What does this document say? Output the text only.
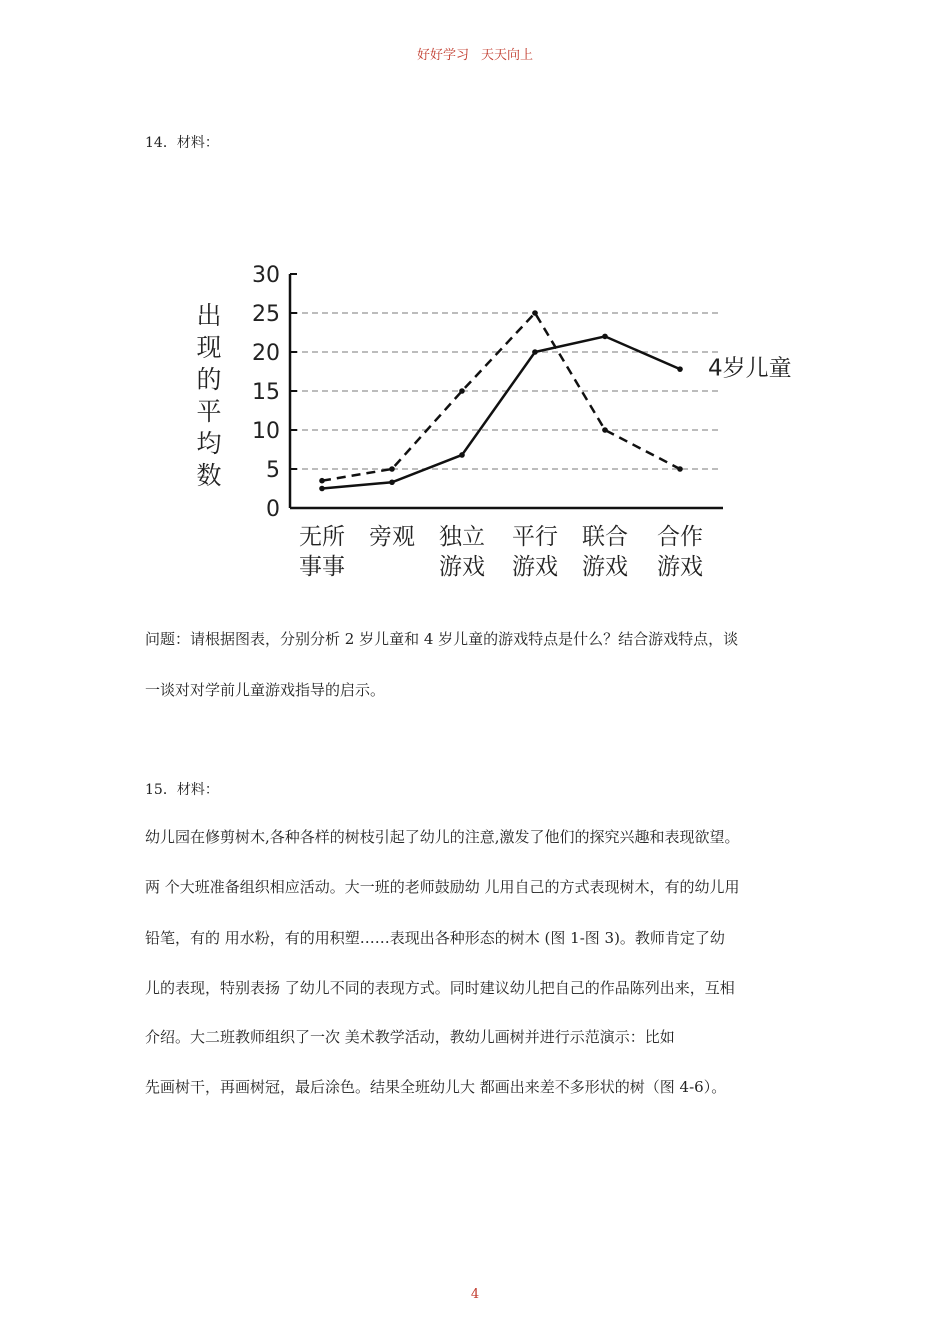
好好学习 天天向上
14．材料：
出
现
的
平
均
数
0
5
10
15
20
25
30
无所
事事
旁观 独立
游戏
平行
游戏
联合
游戏
合作
游戏
4岁儿童
问题：请根据图表，分别分析 2 岁儿童和 4 岁儿童的游戏特点是什么？结合游戏特点，谈
一谈对对学前儿童游戏指导的启示。
15．材料：
幼儿园在修剪树木,各种各样的树枝引起了幼儿的注意,激发了他们的探究兴趣和表现欲望。
两 个大班准备组织相应活动。大一班的老师鼓励幼 儿用自己的方式表现树木，有的幼儿用
铅笔，有的 用水粉，有的用积塑……表现出各种形态的树木 (图 1-图 3)。教师肯定了幼
儿的表现，特别表扬 了幼儿不同的表现方式。同时建议幼儿把自己的作品陈列出来，互相
介绍。大二班教师组织了一次 美术教学活动，教幼儿画树并进行示范演示：比如
先画树干，再画树冠，最后涂色。结果全班幼儿大 都画出来差不多形状的树（图 4-6）。
4
